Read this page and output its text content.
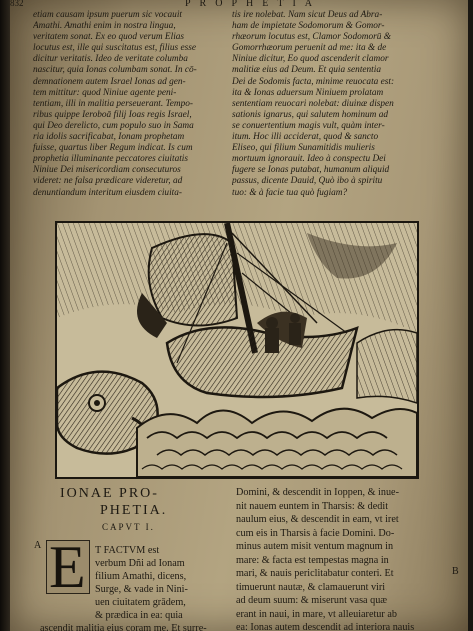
832	PROPHETIA
etiam causam ipsum puerum sic vocauit
Amathi. Amathi enim in nostra lingua,
veritatem sonat. Ex eo quod verum Elias
locutus est, ille qui suscitatus est, filius esse
dicitur veritatis. Ideo de veritate columba
nascitur, quia Ionas columbam sonat. In cō-
demnationem autem Israel Ionas ad gen-
tem mittitur: quod Niniue agente peni-
tentiam, illi in malitia perseuerant. Tempo-
ribus quippe Ieroboā filij Ioas regis Israel,
qui Deo derelicto, cum populo suo in Sama
ria idolis sacrificabat, Ionam prophetam
fuisse, quartus liber Regum indicat. Is cum
prophetia illuminante peccatores ciuitatis
Niniue Dei misericordiam consecuturos
videret: ne falsa prædicare videretur, ad
denuntiandum interitum eiusdem ciuita-
tis ire nolebat. Nam sicut Deus ad Abra-
ham de impietate Sodomorum & Gomor-
rhæorum locutus est, Clamor Sodomorū &
Gomorrhæorum peruenit ad me: ita & de
Niniue dicitur, Eo quod ascenderit clamor
malitiæ eius ad Deum. Et quia sententia
Dei de Sodomis facta, minime reuocata est:
ita & Ionas aduersum Niniuem prolatam
sententiam reuocari nolebat: diuinæ dispen
sationis ignarus, qui salutem hominum ad
se conuertentium magis vult, quàm inter-
itum. Hoc illi acciderat, quod & sancto
Eliseo, qui filium Sunamitidis mulieris
mortuum ignorauit. Ideo à conspectu Dei
fugere se Ionas putabat, humanum aliquid
passus, dicente Dauid, Quò ibo à spiritu
tuo: & à facie tua quò fugiam?
IONAE PRO-
PHETIA.
CAPVT I.
A
B
E T FACTVM est
verbum Dñi ad Ionam
filium Amathi, dicens,
Surge, & vade in Nini-
uen ciuitatem grādem,
& prædica in ea: quia
ascendit malitia eius coram me. Et surre-
Domini, & descendit in Ioppen, & inue-
nit nauem euntem in Tharsis: & dedit
naulum eius, & descendit in eam, vt iret
cum eis in Tharsis à facie Domini. Do-
minus autem misit ventum magnum in
mare: & facta est tempestas magna in
mari, & nauis periclitabatur conteri. Et
timuerunt nautæ, & clamauerunt viri
ad deum suum: & miserunt vasa quæ
erant in naui, in mare, vt alleuiaretur ab
ea: Ionas autem descendit ad interiora nauis
